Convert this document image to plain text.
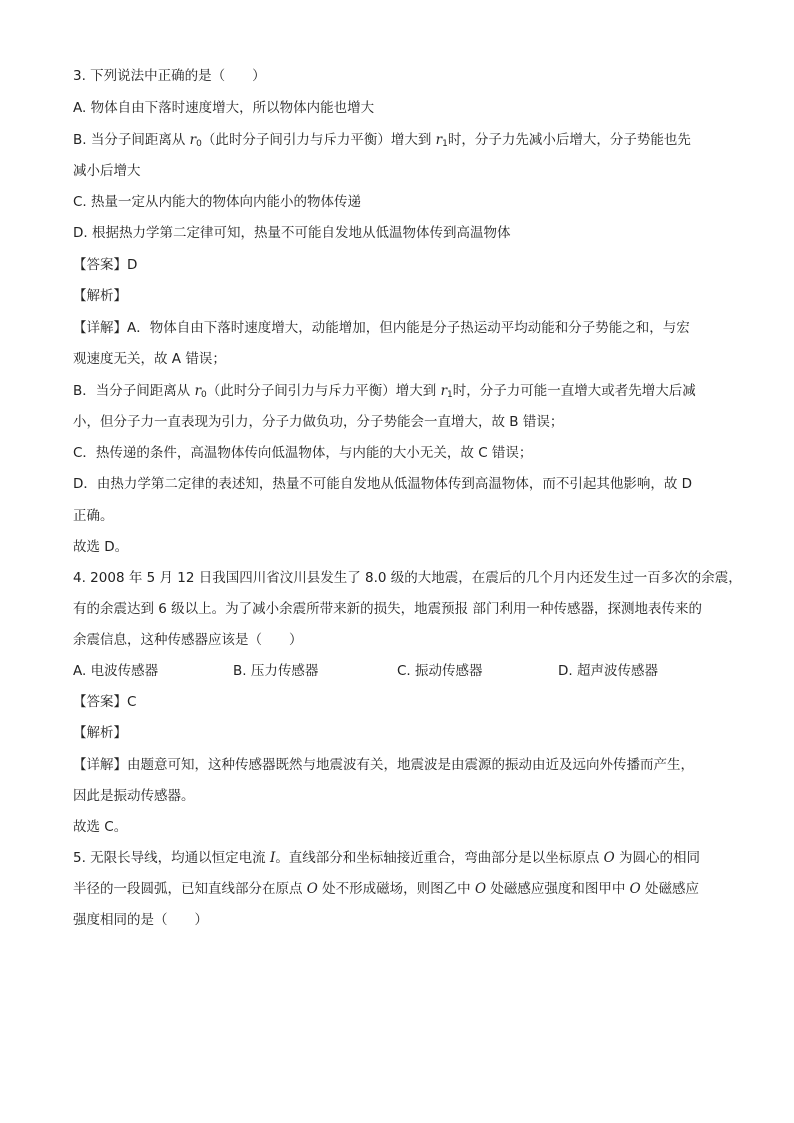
3. 下列说法中正确的是（　　）
A. 物体自由下落时速度增大，所以物体内能也增大
B. 当分子间距离从 $r_0$（此时分子间引力与斥力平衡）增大到 $r_1$时，分子力先减小后增大，分子势能也先
减小后增大
C. 热量一定从内能大的物体向内能小的物体传递
D. 根据热力学第二定律可知，热量不可能自发地从低温物体传到高温物体
【答案】D
【解析】
【详解】A．物体自由下落时速度增大，动能增加，但内能是分子热运动平均动能和分子势能之和，与宏
观速度无关，故 A 错误；
B．当分子间距离从 $r_0$（此时分子间引力与斥力平衡）增大到 $r_1$时，分子力可能一直增大或者先增大后减
小，但分子力一直表现为引力，分子力做负功，分子势能会一直增大，故 B 错误；
C．热传递的条件，高温物体传向低温物体，与内能的大小无关，故 C 错误；
D．由热力学第二定律的表述知，热量不可能自发地从低温物体传到高温物体，而不引起其他影响，故 D
正确。
故选 D。
4. 2008 年 5 月 12 日我国四川省汶川县发生了 8.0 级的大地震，在震后的几个月内还发生过一百多次的余震，
有的余震达到 6 级以上。为了减小余震所带来新的损失，地震预报 部门利用一种传感器，探测地表传来的
余震信息，这种传感器应该是（　　）
A. 电波传感器	B. 压力传感器	C. 振动传感器	D. 超声波传感器
【答案】C
【解析】
【详解】由题意可知，这种传感器既然与地震波有关，地震波是由震源的振动由近及远向外传播而产生，
因此是振动传感器。
故选 C。
5. 无限长导线，均通以恒定电流 I。直线部分和坐标轴接近重合，弯曲部分是以坐标原点 O 为圆心的相同
半径的一段圆弧，已知直线部分在原点 O 处不形成磁场，则图乙中 O 处磁感应强度和图甲中 O 处磁感应
强度相同的是（　　）
